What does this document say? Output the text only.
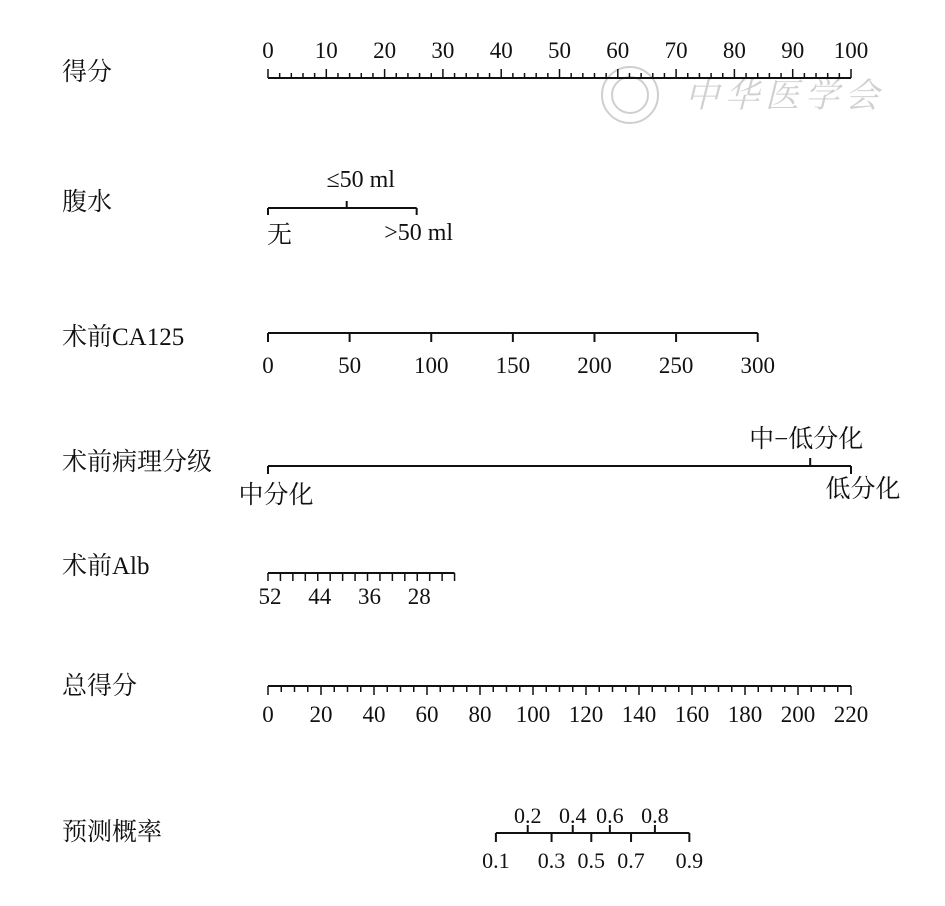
中华医学会
得分
0 10 20 30 40 50 60 70 80 90 100
腹水
无
≤50 ml
>50 ml
术前CA125
0	50 100 150 200 250 300
术前病理分级
中分化
中−低分化
低分化
术前Alb
52 44 36 28
总得分
0 20 40 60 80 100 120 140 160 180 200 220
预测概率
0.1
0.2
0.3
0.4
0.5
0.6
0.7
0.8
0.9
